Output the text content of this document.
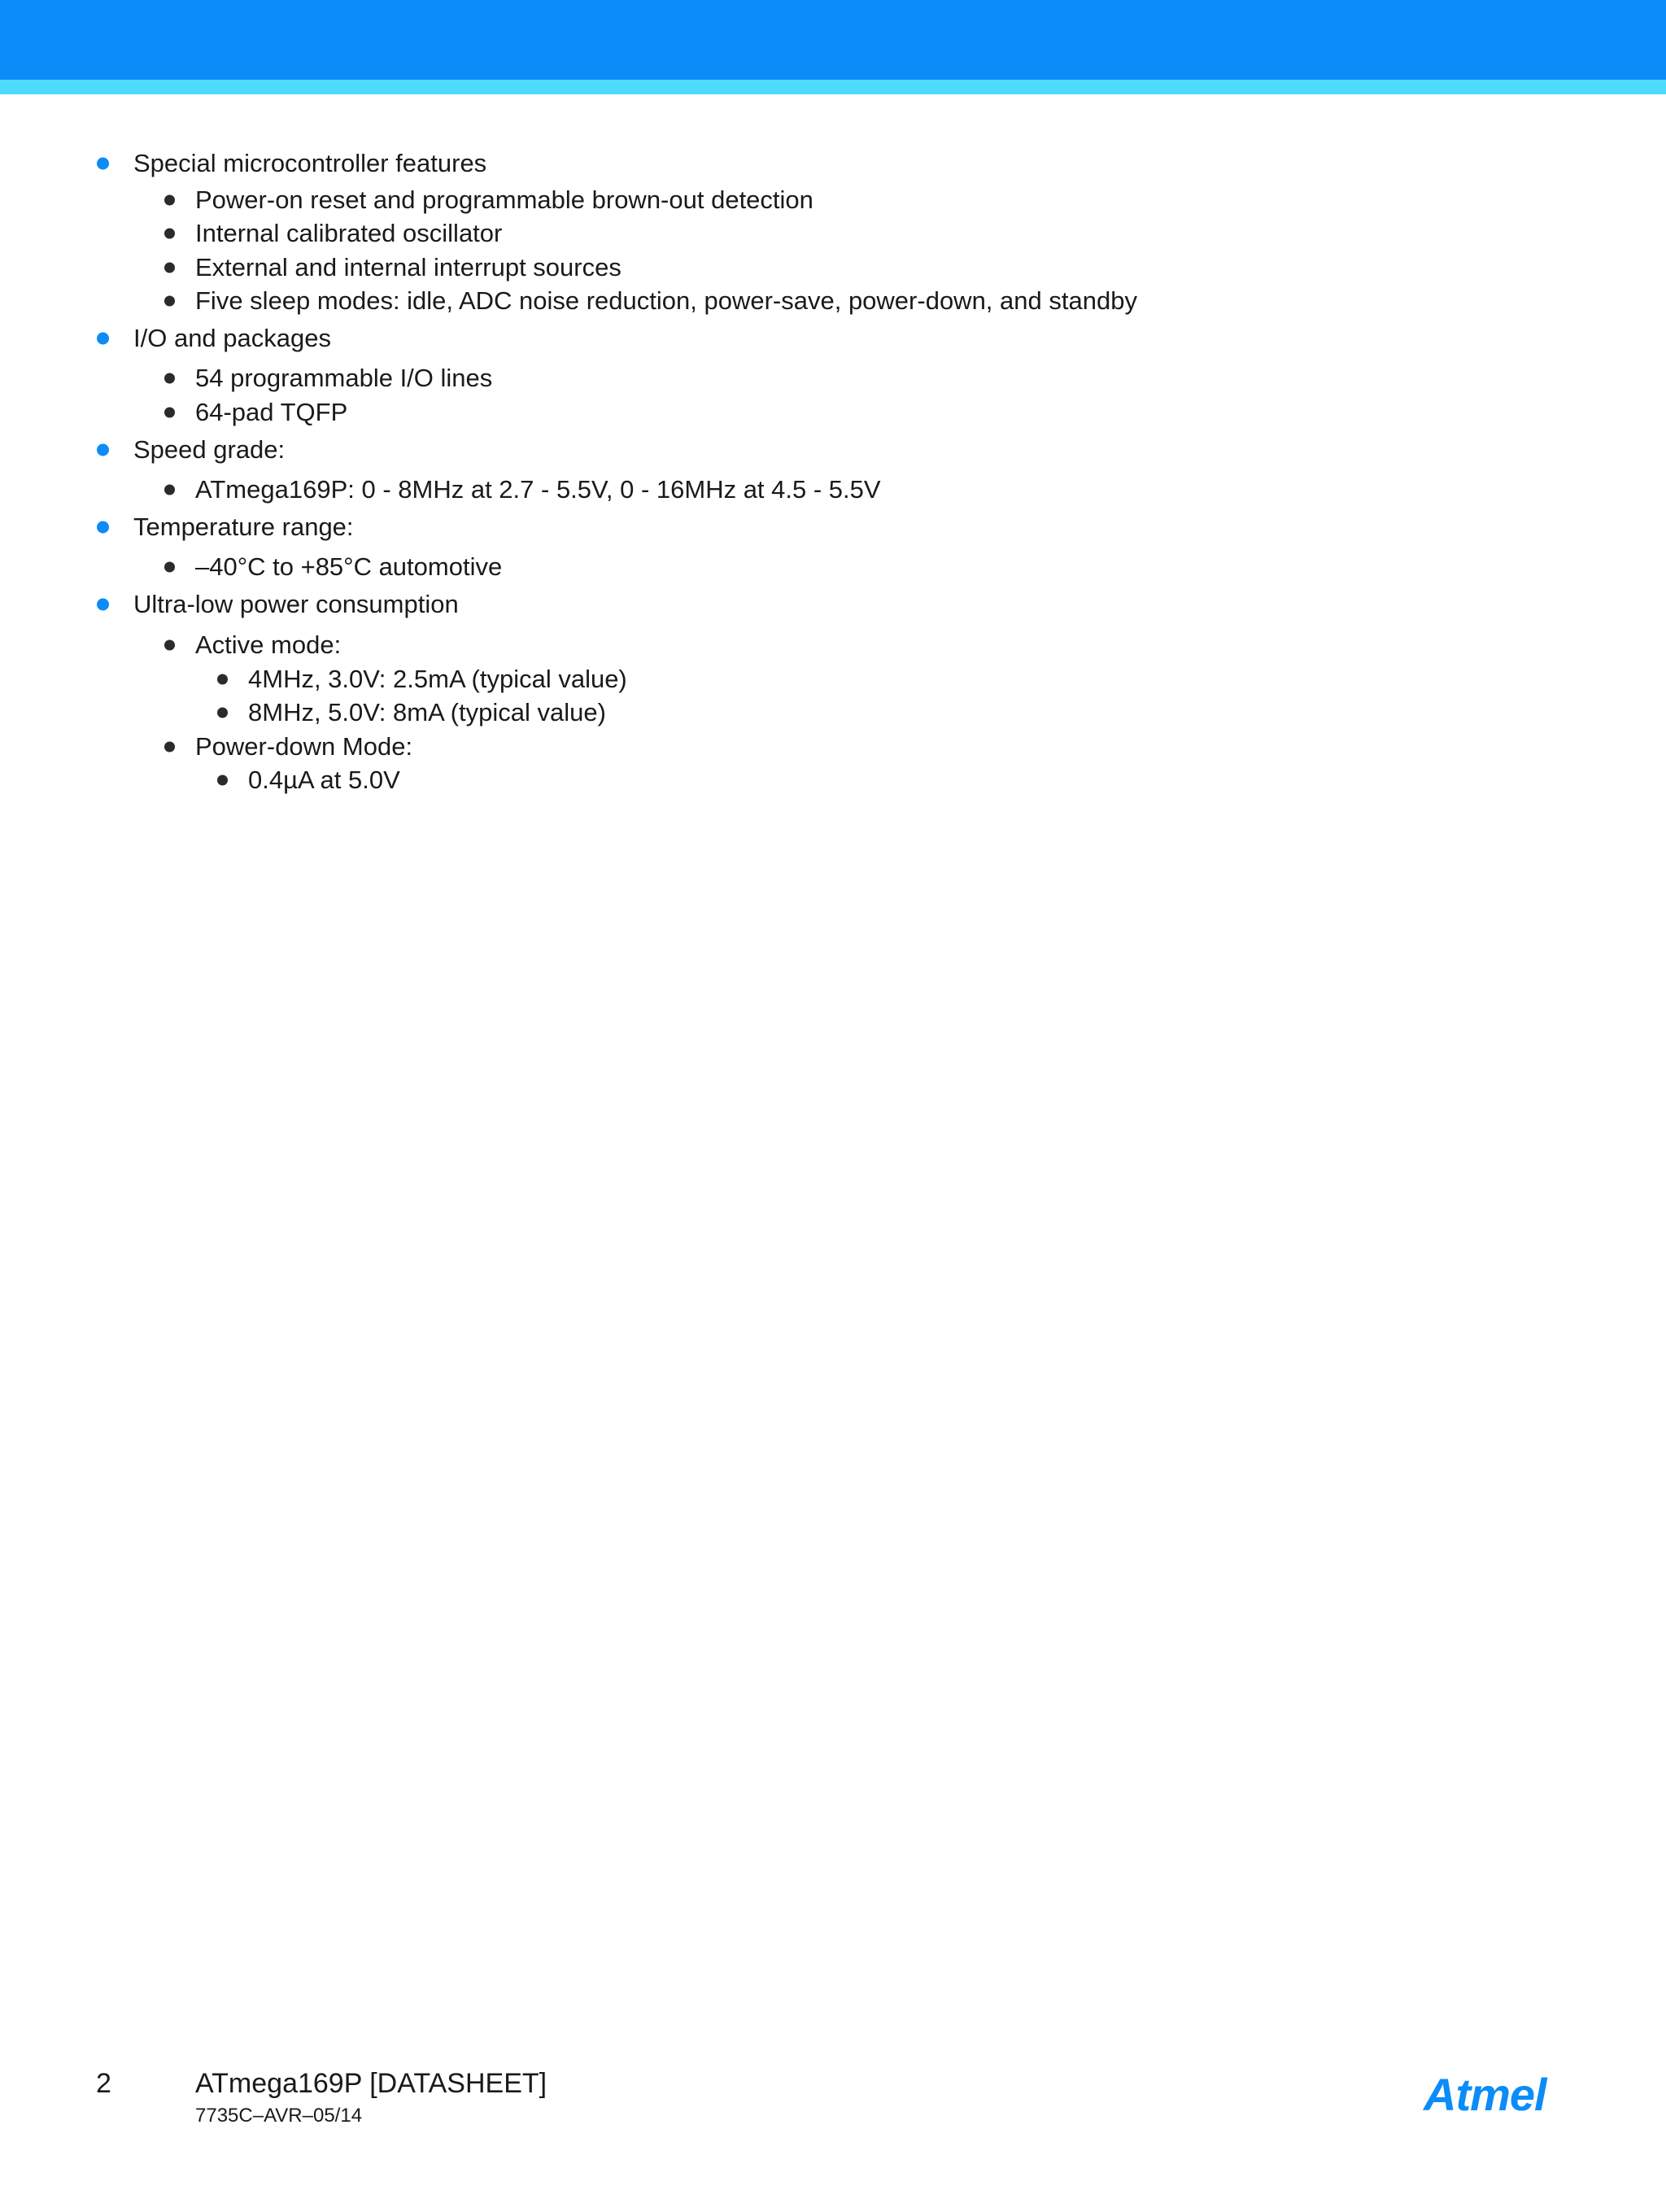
Special microcontroller features
Power-on reset and programmable brown-out detection
Internal calibrated oscillator
External and internal interrupt sources
Five sleep modes: idle, ADC noise reduction, power-save, power-down, and standby
I/O and packages
54 programmable I/O lines
64-pad TQFP
Speed grade:
ATmega169P: 0 - 8MHz at 2.7 - 5.5V, 0 - 16MHz at 4.5 - 5.5V
Temperature range:
–40°C to +85°C automotive
Ultra-low power consumption
Active mode:
4MHz, 3.0V: 2.5mA (typical value)
8MHz, 5.0V: 8mA (typical value)
Power-down Mode:
0.4µA at 5.0V
2	ATmega169P [DATASHEET]
7735C–AVR–05/14	Atmel
